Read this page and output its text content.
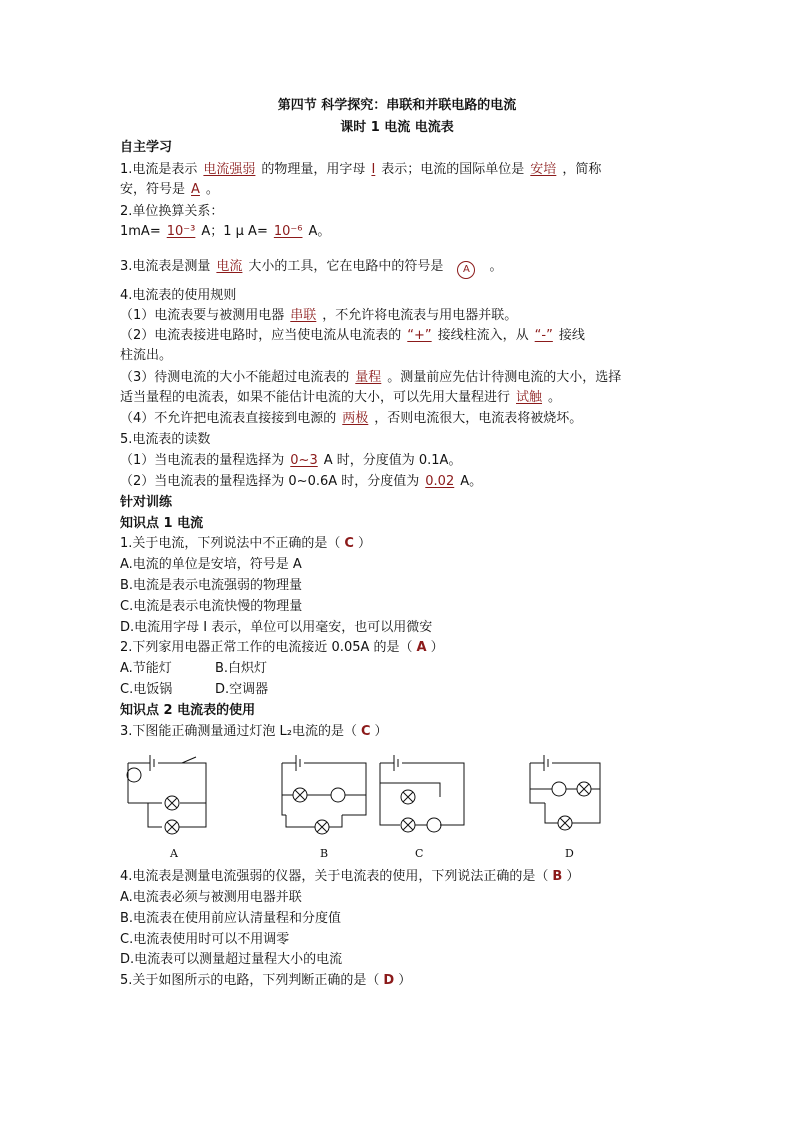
第四节 科学探究：串联和并联电路的电流
课时 1 电流 电流表
自主学习
1.电流是表示 电流强弱 的物理量，用字母 I 表示；电流的国际单位是 安培 ，简称
安，符号是 A 。
2.单位换算关系：
1mA= 10⁻³ A；1 μ A= 10⁻⁶ A。
3.电流表是测量 电流 大小的工具，它在电路中的符号是 A 。
4.电流表的使用规则
（1）电流表要与被测用电器 串联 ，不允许将电流表与用电器并联。
（2）电流表接进电路时，应当使电流从电流表的 “+” 接线柱流入，从 “-” 接线
柱流出。
（3）待测电流的大小不能超过电流表的 量程 。测量前应先估计待测电流的大小，选择
适当量程的电流表，如果不能估计电流的大小，可以先用大量程进行 试触 。
（4）不允许把电流表直接接到电源的 两极 ，否则电流很大，电流表将被烧坏。
5.电流表的读数
（1）当电流表的量程选择为 0~3 A 时，分度值为 0.1A。
（2）当电流表的量程选择为 0~0.6A 时，分度值为 0.02 A。
针对训练
知识点 1 电流
1.关于电流，下列说法中不正确的是（ C ）
A.电流的单位是安培，符号是 A
B.电流是表示电流强弱的物理量
C.电流是表示电流快慢的物理量
D.电流用字母 I 表示，单位可以用毫安，也可以用微安
2.下列家用电器正常工作的电流接近 0.05A 的是（ A ）
A.节能灯	B.白炽灯
C.电饭锅	D.空调器
知识点 2 电流表的使用
3.下图能正确测量通过灯泡 L₂电流的是（ C ）
A	B	C	D
4.电流表是测量电流强弱的仪器，关于电流表的使用，下列说法正确的是（ B ）
A.电流表必须与被测用电器并联
B.电流表在使用前应认清量程和分度值
C.电流表使用时可以不用调零
D.电流表可以测量超过量程大小的电流
5.关于如图所示的电路，下列判断正确的是（ D ）
